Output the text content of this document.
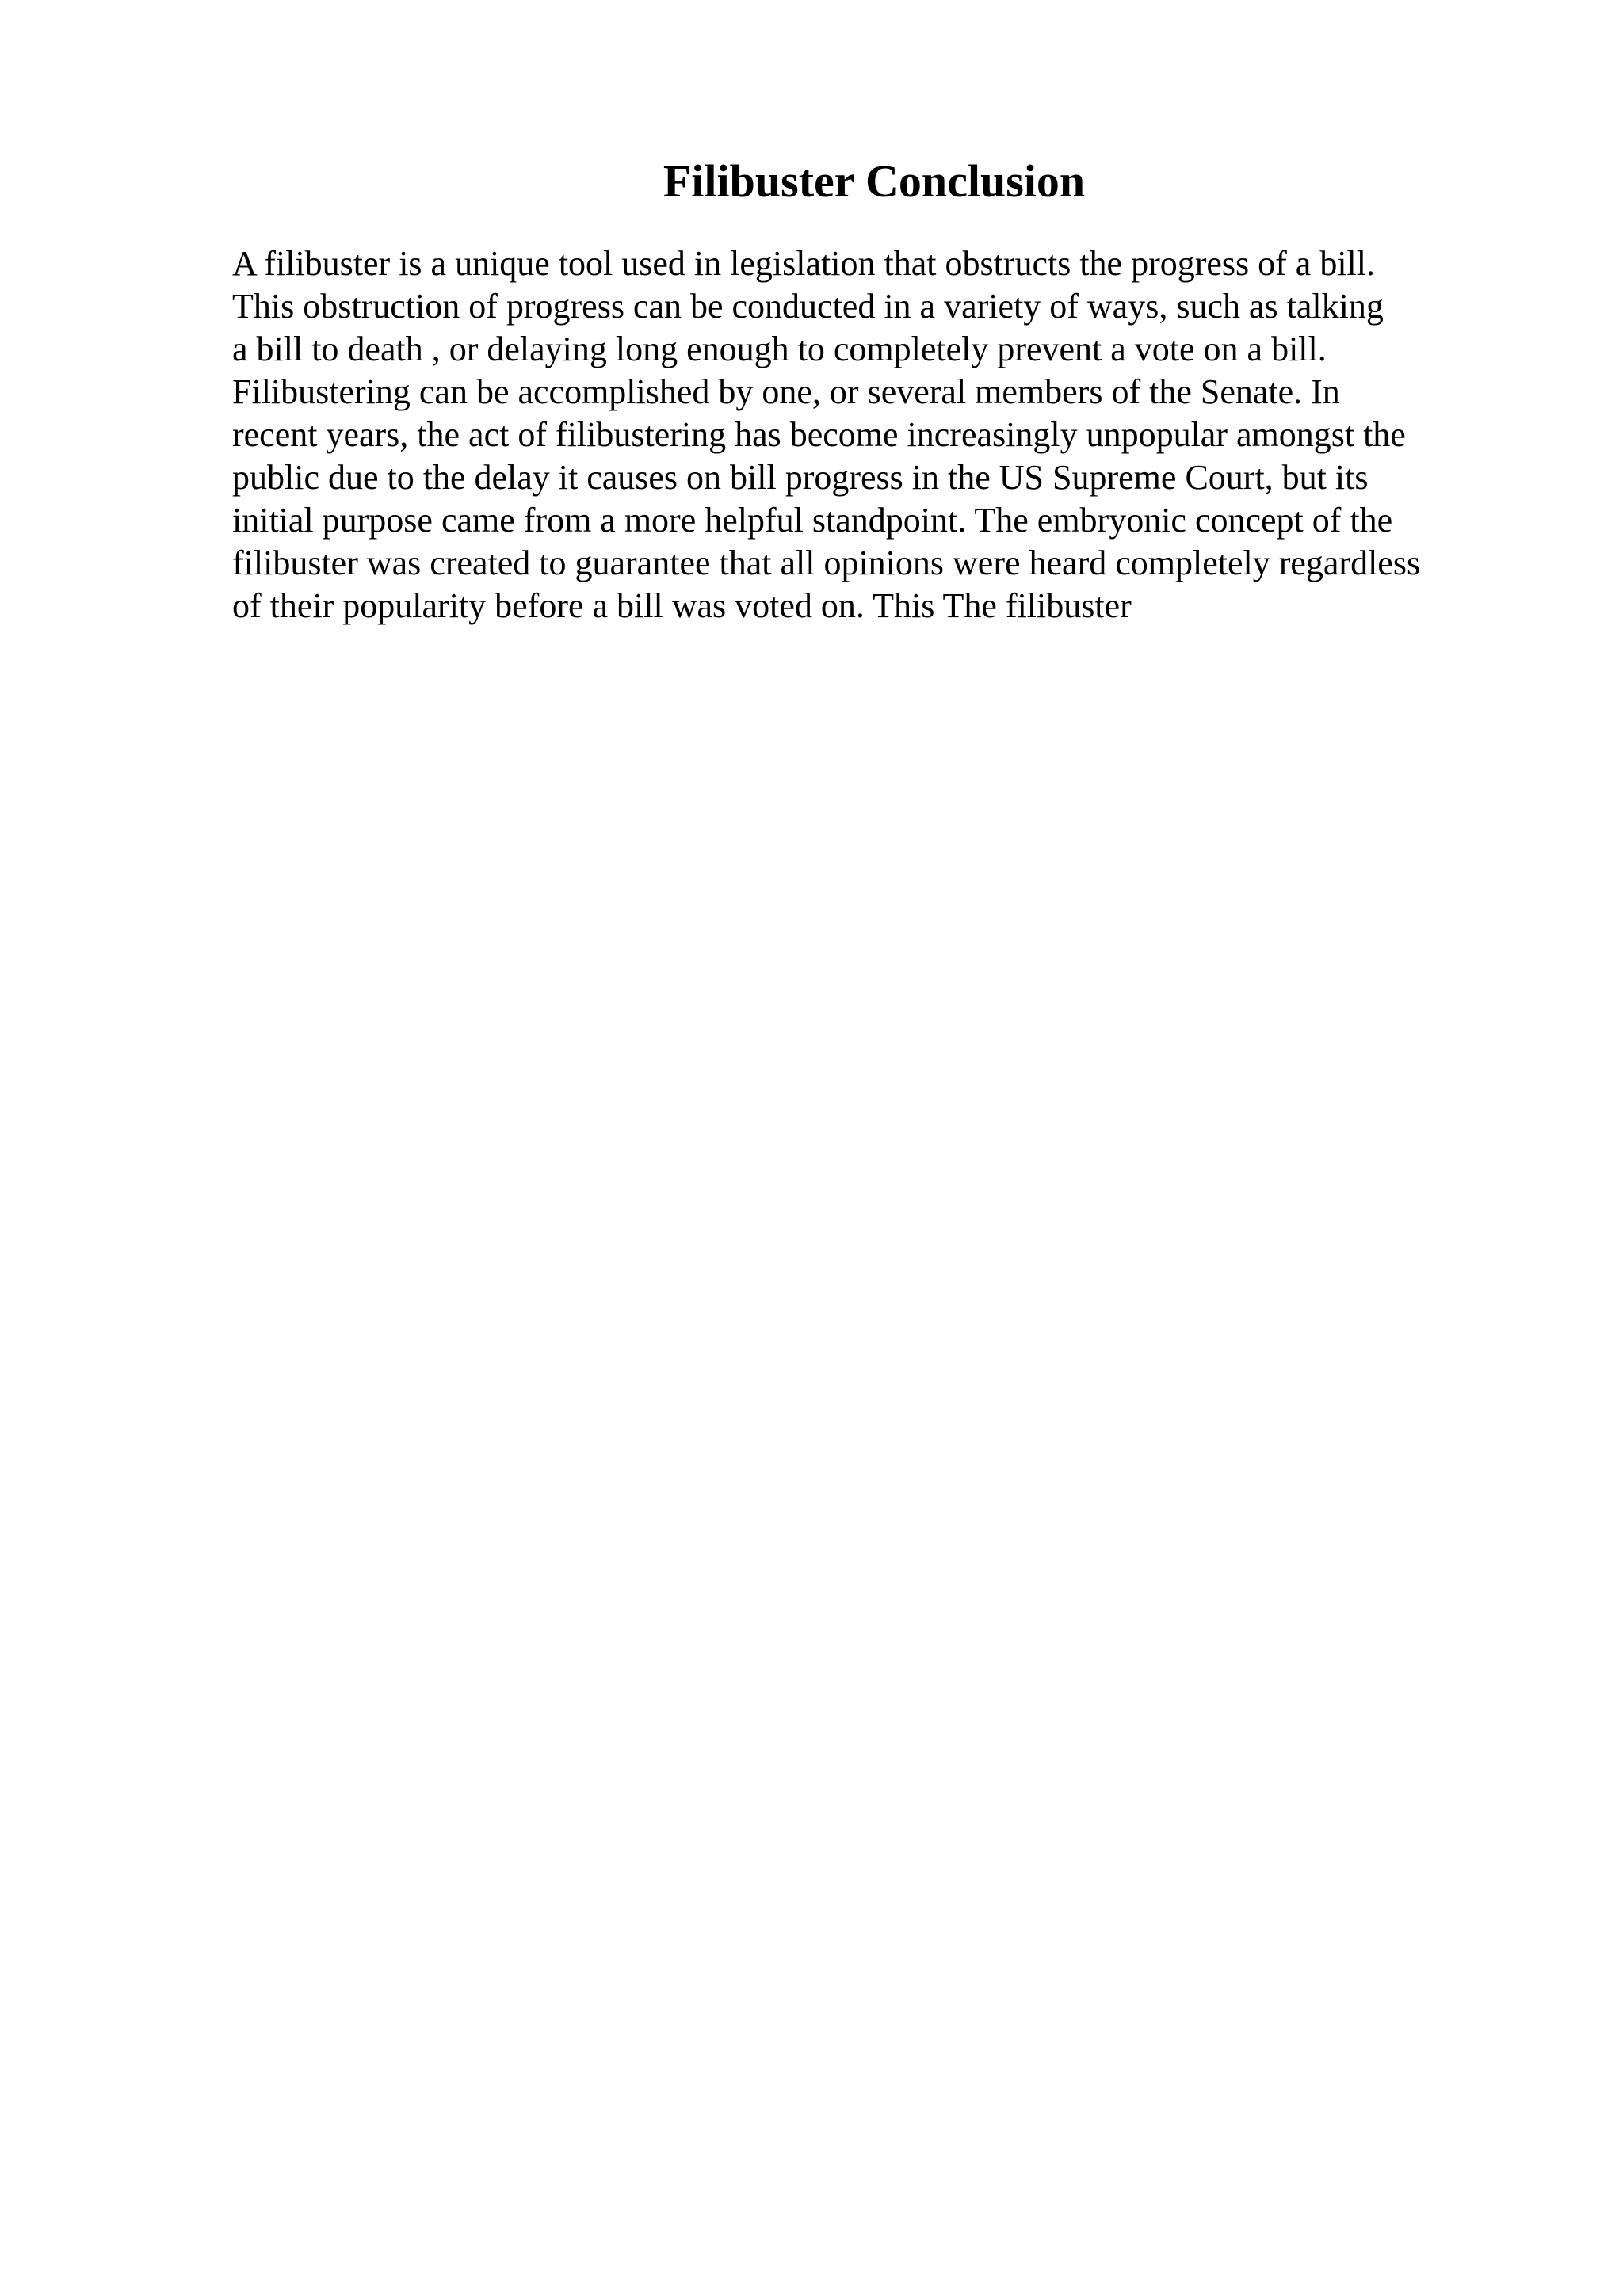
Filibuster Conclusion
A filibuster is a unique tool used in legislation that obstructs the progress of a bill.
This obstruction of progress can be conducted in a variety of ways, such as talking
a bill to death , or delaying long enough to completely prevent a vote on a bill.
Filibustering can be accomplished by one, or several members of the Senate. In
recent years, the act of filibustering has become increasingly unpopular amongst the
public due to the delay it causes on bill progress in the US Supreme Court, but its
initial purpose came from a more helpful standpoint. The embryonic concept of the
filibuster was created to guarantee that all opinions were heard completely regardless
of their popularity before a bill was voted on. This The filibuster
